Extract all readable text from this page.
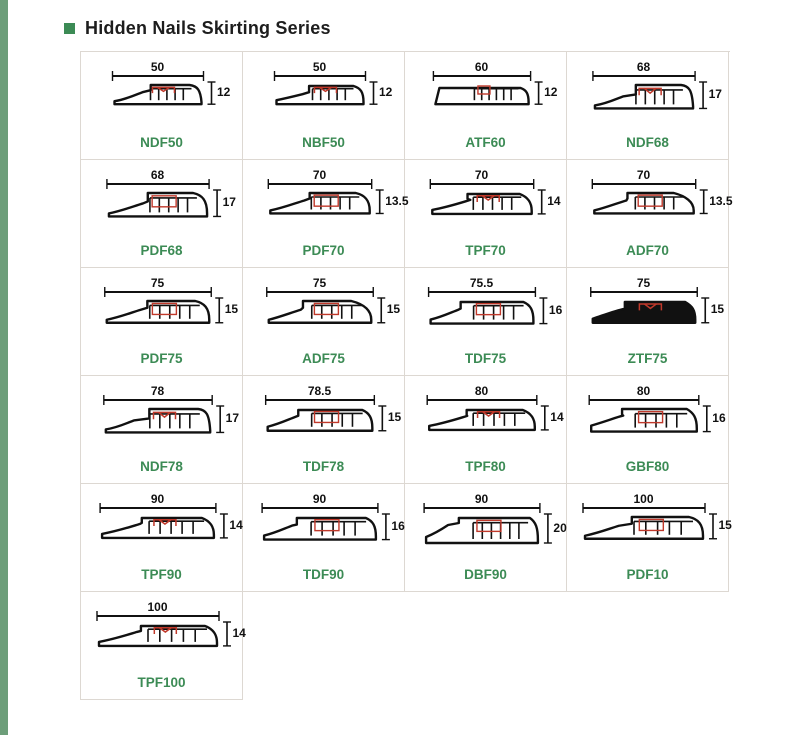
Hidden Nails Skirting Series
50
12
NDF50
50
12
NBF50
60
12
ATF60
68
17
NDF68
68
17
PDF68
70
13.5
PDF70
70
14
TPF70
70
13.5
ADF70
75
15
PDF75
75
15
ADF75
75.5
16
TDF75
75
15
ZTF75
78
17
NDF78
78.5
15
TDF78
80
14
TPF80
80
16
GBF80
90
14
TPF90
90
16
TDF90
90
20
DBF90
100
15
PDF10
100
14
TPF100
